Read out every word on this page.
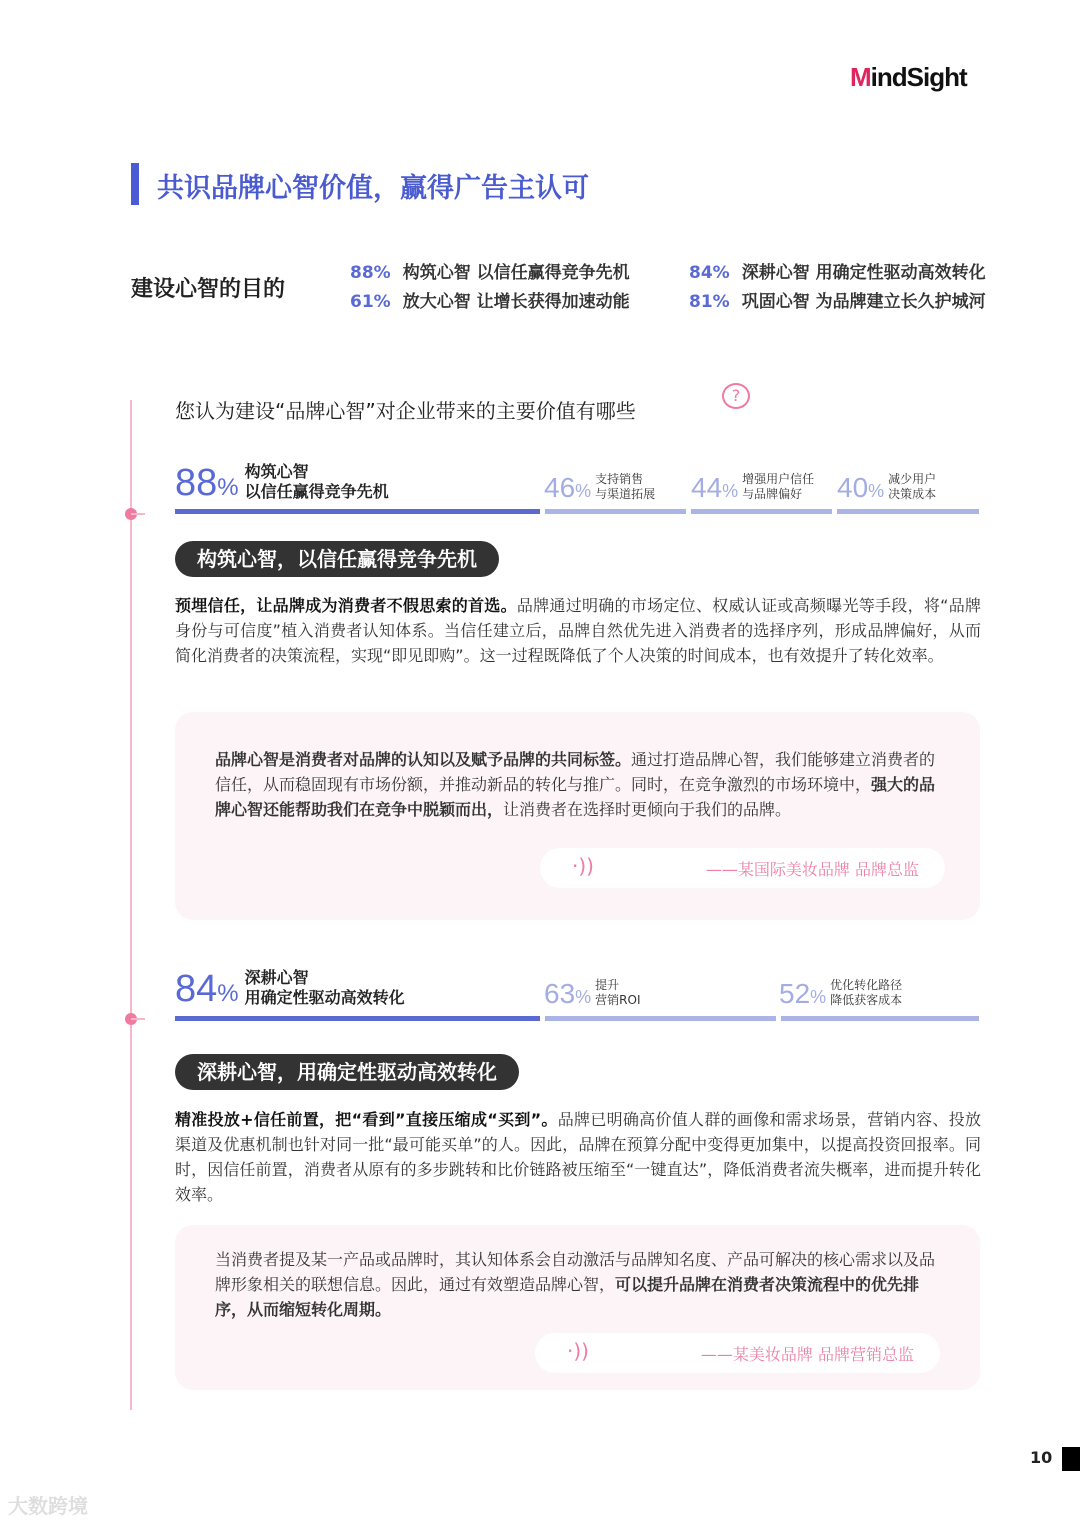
MindSight
共识品牌心智价值，赢得广告主认可
建设心智的目的
88% 构筑心智 以信任赢得竞争先机
61% 放大心智 让增长获得加速动能
84% 深耕心智 用确定性驱动高效转化
81% 巩固心智 为品牌建立长久护城河
您认为建设“品牌心智”对企业带来的主要价值有哪些
?
88%
构筑心智
以信任赢得竞争先机	46%
支持销售
与渠道拓展 44%
增强用户信任
与品牌偏好	40%
减少用户
决策成本
构筑心智，以信任赢得竞争先机
预埋信任，让品牌成为消费者不假思索的首选。品牌通过明确的市场定位、权威认证或高频曝光等手段，将“品牌身份与可信度”植入消费者认知体系。当信任建立后，品牌自然优先进入消费者的选择序列，形成品牌偏好，从而简化消费者的决策流程，实现“即见即购”。这一过程既降低了个人决策的时间成本，也有效提升了转化效率。
品牌心智是消费者对品牌的认知以及赋予品牌的共同标签。通过打造品牌心智，我们能够建立消费者的信任，从而稳固现有市场份额，并推动新品的转化与推广。同时，在竞争激烈的市场环境中，强大的品牌心智还能帮助我们在竞争中脱颖而出，让消费者在选择时更倾向于我们的品牌。
·))	——某国际美妆品牌 品牌总监
84%
深耕心智
用确定性驱动高效转化	63%
提升
营销ROI	52%
优化转化路径
降低获客成本
深耕心智，用确定性驱动高效转化
精准投放+信任前置，把“看到”直接压缩成“买到”。品牌已明确高价值人群的画像和需求场景，营销内容、投放渠道及优惠机制也针对同一批“最可能买单”的人。因此，品牌在预算分配中变得更加集中，以提高投资回报率。同时，因信任前置，消费者从原有的多步跳转和比价链路被压缩至“一键直达”，降低消费者流失概率，进而提升转化效率。
当消费者提及某一产品或品牌时，其认知体系会自动激活与品牌知名度、产品可解决的核心需求以及品牌形象相关的联想信息。因此，通过有效塑造品牌心智，可以提升品牌在消费者决策流程中的优先排序，从而缩短转化周期。
·))	——某美妆品牌 品牌营销总监
10
大数跨境
